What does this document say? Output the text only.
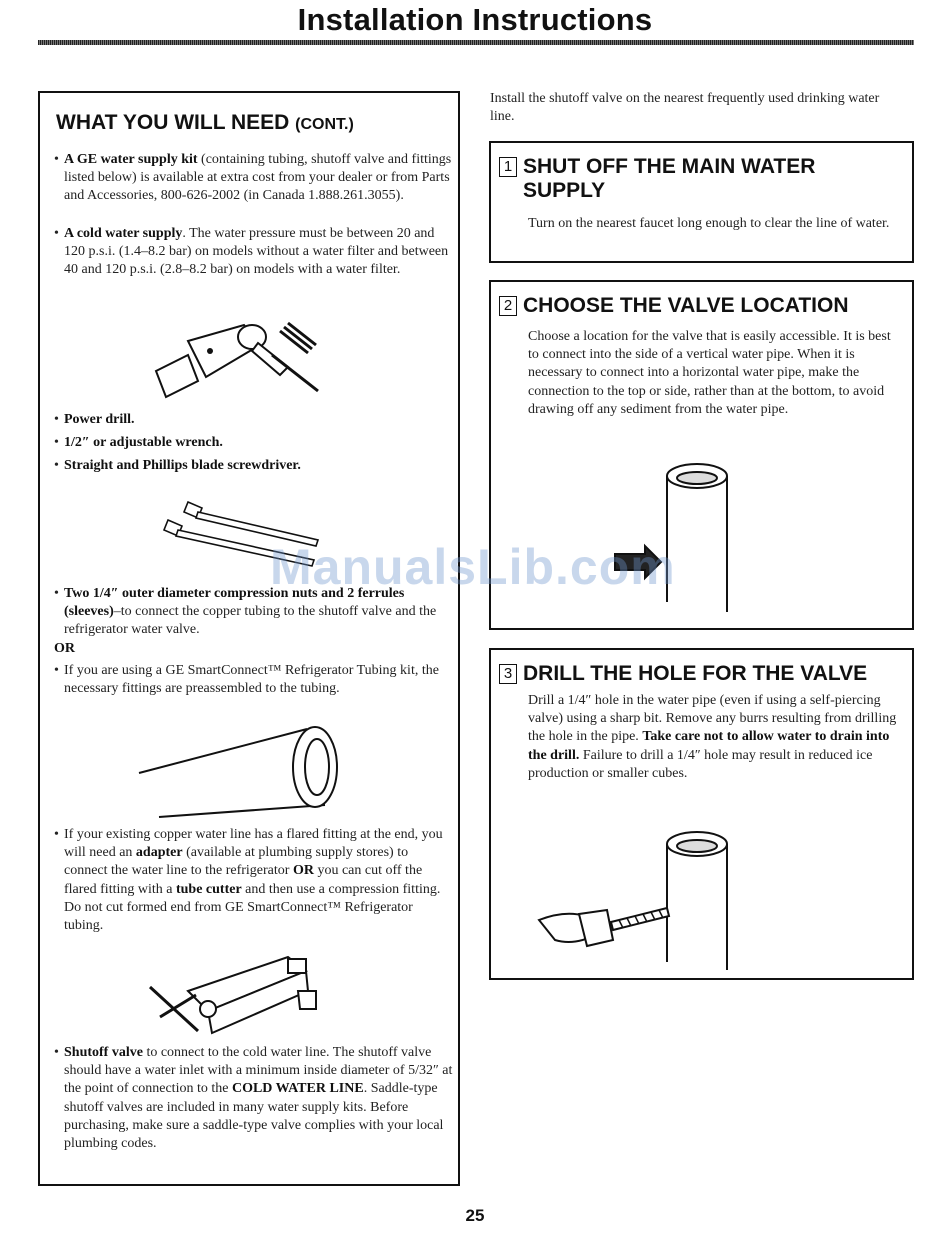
Installation Instructions
WHAT YOU WILL NEED (CONT.)

• A GE water supply kit (containing tubing, shutoff valve and fittings listed below) is available at extra cost from your dealer or from Parts and Accessories, 800-626-2002 (in Canada 1.888.261.3055).

• A cold water supply. The water pressure must be between 20 and 120 p.s.i. (1.4–8.2 bar) on models without a water filter and between 40 and 120 p.s.i. (2.8–8.2 bar) on models with a water filter.

• Power drill.

• 1/2″ or adjustable wrench.

• Straight and Phillips blade screwdriver.

• Two 1/4″ outer diameter compression nuts and 2 ferrules (sleeves)–to connect the copper tubing to the shutoff valve and the refrigerator water valve.

OR

• If you are using a GE SmartConnect™ Refrigerator Tubing kit, the necessary fittings are preassembled to the tubing.

• If your existing copper water line has a flared fitting at the end, you will need an adapter (available at plumbing supply stores) to connect the water line to the refrigerator OR you can cut off the flared fitting with a tube cutter and then use a compression fitting. Do not cut formed end from GE SmartConnect™ Refrigerator tubing.

• Shutoff valve to connect to the cold water line. The shutoff valve should have a water inlet with a minimum inside diameter of 5/32″ at the point of connection to the COLD WATER LINE. Saddle-type shutoff valves are included in many water supply kits. Before purchasing, make sure a saddle-type valve complies with your local plumbing codes.

Install the shutoff valve on the nearest frequently used drinking water line.

1 SHUT OFF THE MAIN WATER SUPPLY

Turn on the nearest faucet long enough to clear the line of water.

2 CHOOSE THE VALVE LOCATION

Choose a location for the valve that is easily accessible. It is best to connect into the side of a vertical water pipe. When it is necessary to connect into a horizontal water pipe, make the connection to the top or side, rather than at the bottom, to avoid drawing off any sediment from the water pipe.

3 DRILL THE HOLE FOR THE VALVE

Drill a 1/4″ hole in the water pipe (even if using a self-piercing valve) using a sharp bit. Remove any burrs resulting from drilling the hole in the pipe. Take care not to allow water to drain into the drill. Failure to drill a 1/4″ hole may result in reduced ice production or smaller cubes.

ManualsLib.com
25
